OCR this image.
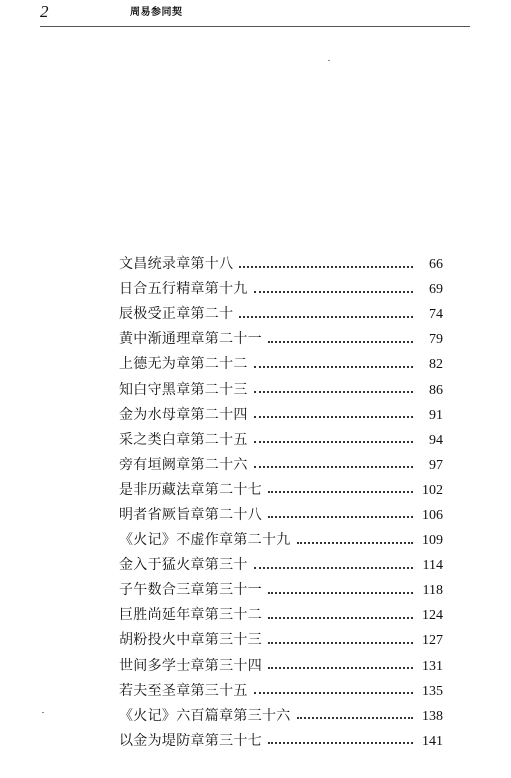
2	周易参同契
文昌统录章第十八	66
日合五行精章第十九	69
辰极受正章第二十	74
黄中渐通理章第二十一	79
上德无为章第二十二	82
知白守黑章第二十三	86
金为水母章第二十四	91
采之类白章第二十五	94
旁有垣阙章第二十六	97
是非历藏法章第二十七	102
明者省厥旨章第二十八	106
《火记》不虚作章第二十九	109
金入于猛火章第三十	114
子午数合三章第三十一	118
巨胜尚延年章第三十二	124
胡粉投火中章第三十三	127
世间多学士章第三十四	131
若夫至圣章第三十五	135
《火记》六百篇章第三十六	138
以金为堤防章第三十七	141
